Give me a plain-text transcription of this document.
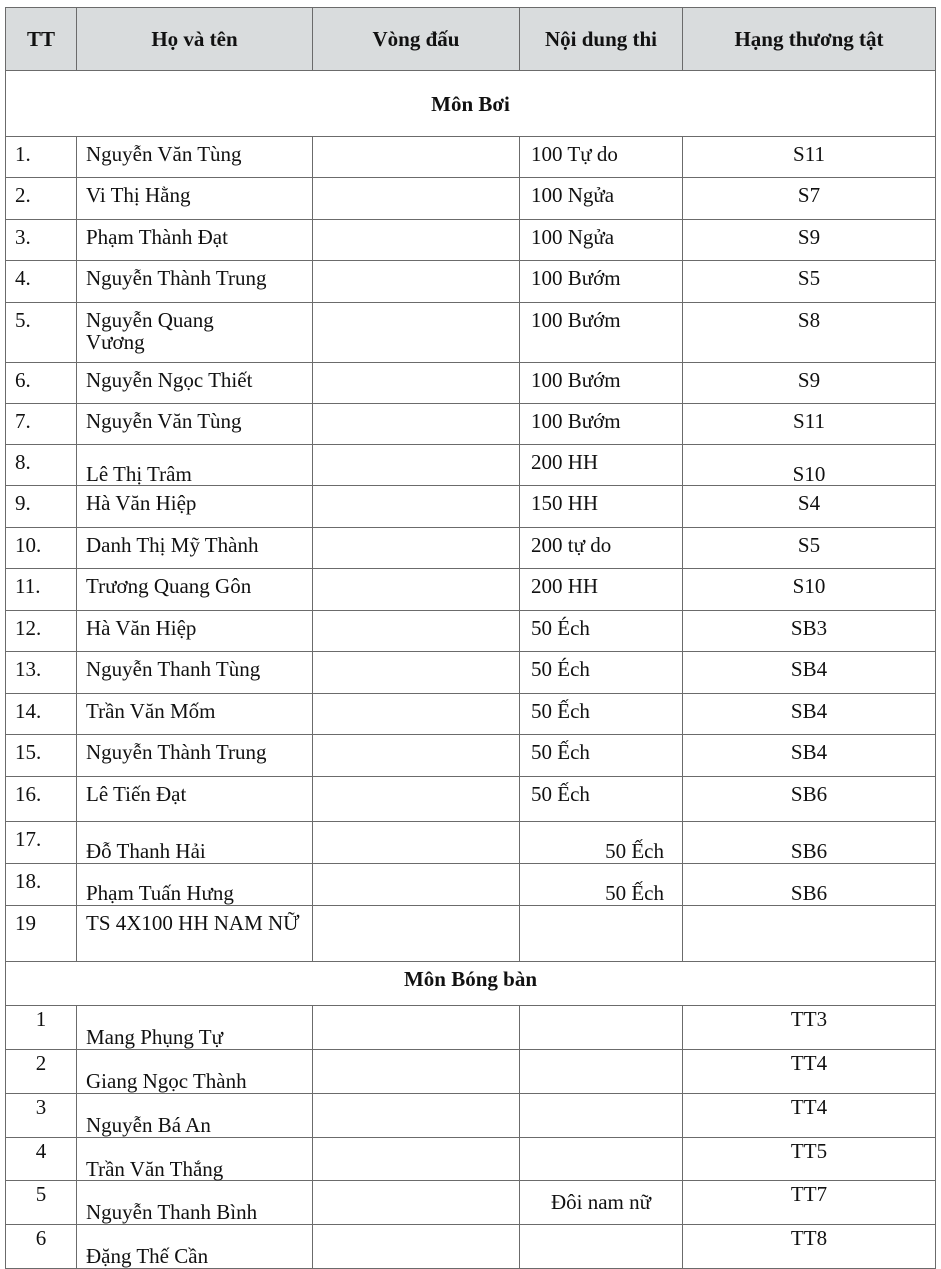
TT	Họ và tên	Vòng đấu	Nội dung thi	Hạng thương tật
Môn Bơi				
1.	Nguyễn Văn Tùng		100 Tự do	S11
2.	Vi Thị Hằng		100 Ngửa	S7
3.	Phạm Thành Đạt		100 Ngửa	S9
4.	Nguyễn Thành Trung		100 Bướm	S5
5.	Nguyễn Quang Vương		100 Bướm	S8
6.	Nguyễn Ngọc Thiết		100 Bướm	S9
7.	Nguyễn Văn Tùng		100 Bướm	S11
8.	Lê Thị Trâm		200 HH	S10
9.	Hà Văn Hiệp		150 HH	S4
10.	Danh Thị Mỹ Thành		200 tự do	S5
11.	Trương Quang Gôn		200 HH	S10
12.	Hà Văn Hiệp		50 Éch	SB3
13.	Nguyễn Thanh Tùng		50 Éch	SB4
14.	Trần Văn Mốm		50 Ếch	SB4
15.	Nguyễn Thành Trung		50 Ếch	SB4
16.	Lê Tiến Đạt		50 Ếch	SB6
17.	Đỗ Thanh Hải		50 Ếch	SB6
18.	Phạm Tuấn Hưng		50 Ếch	SB6
19	TS 4X100 HH NAM NỮ			
Môn Bóng bàn				
1	Mang Phụng Tự			TT3
2	Giang Ngọc Thành			TT4
3	Nguyễn Bá An			TT4
4	Trần Văn Thắng			TT5
5	Nguyễn Thanh Bình		Đôi nam nữ	TT7
6	Đặng Thế Cần			TT8
